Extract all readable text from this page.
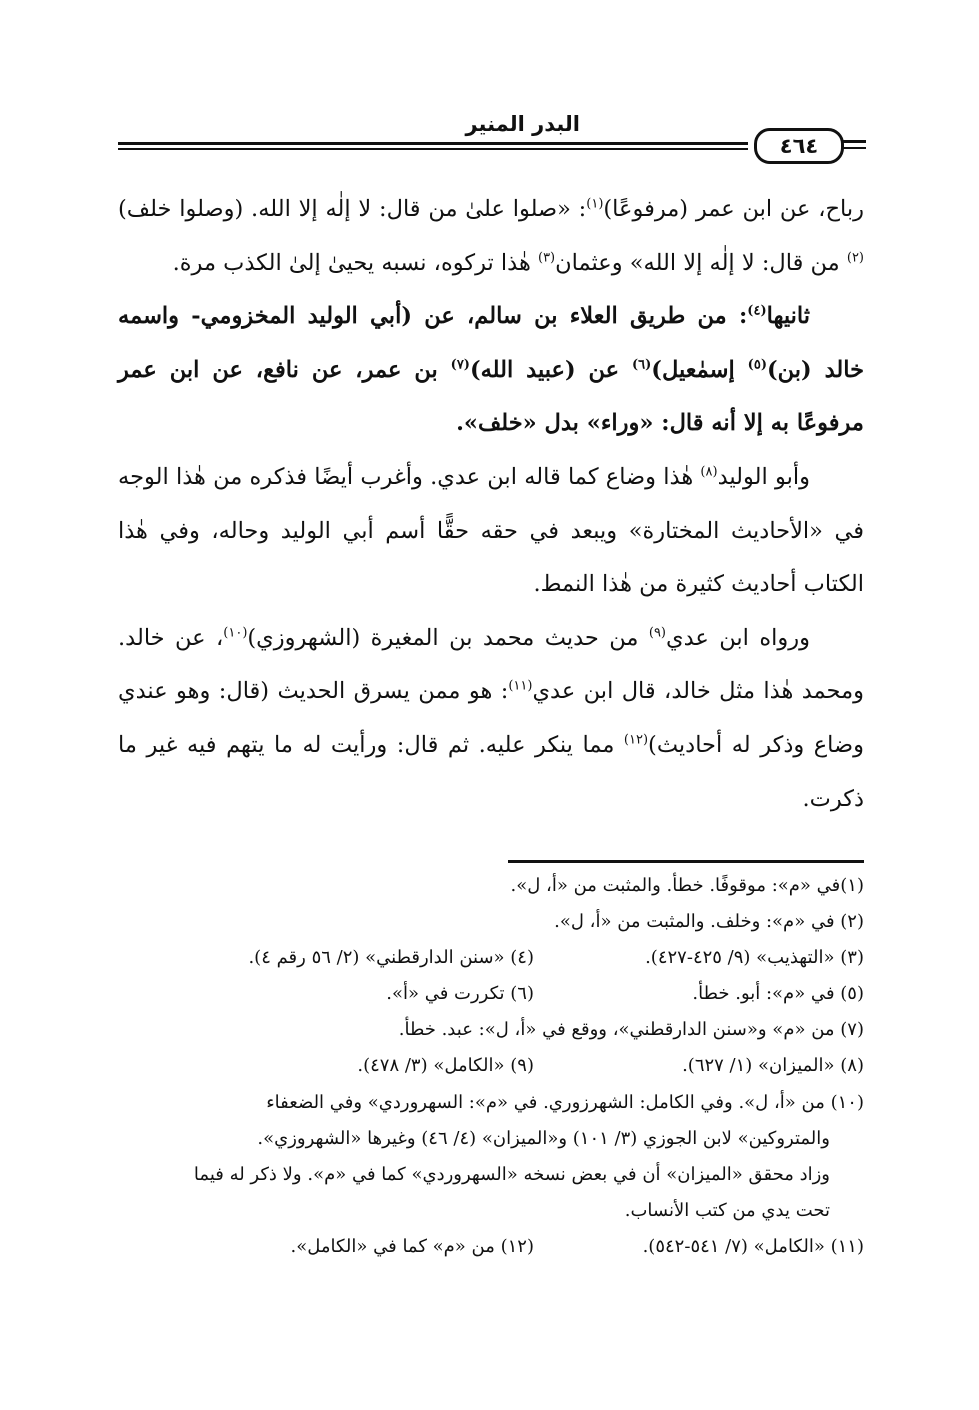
البدر المنير
٤٦٤

رباح، عن ابن عمر (مرفوعًا)$^{(١)}$: «صلوا علىٰ من قال: لا إلٰه إلا الله. (وصلوا خلف)$^{(٢)}$ من قال: لا إلٰه إلا الله» وعثمان$^{(٣)}$ هٰذا تركوه، نسبه يحيىٰ إلىٰ الكذب مرة.

ثانيها$^{(٤)}$: من طريق العلاء بن سالم، عن (أبي الوليد المخزومي- واسمه خالد (بن)$^{(٥)}$ إسمٰعيل)$^{(٦)}$ عن (عبيد الله)$^{(٧)}$ بن عمر، عن نافع، عن ابن عمر مرفوعًا به إلا أنه قال: «وراء» بدل «خلف».

وأبو الوليد$^{(٨)}$ هٰذا وضاع كما قاله ابن عدي. وأغرب أيضًا فذكره من هٰذا الوجه في «الأحاديث المختارة» ويبعد في حقه حقًّا أسم أبي الوليد وحاله، وفي هٰذا الكتاب أحاديث كثيرة من هٰذا النمط.

ورواه ابن عدي$^{(٩)}$ من حديث محمد بن المغيرة (الشهروزي)$^{(١٠)}$، عن خالد. ومحمد هٰذا مثل خالد، قال ابن عدي$^{(١١)}$: هو ممن يسرق الحديث (قال: وهو عندي وضاع وذكر له أحاديث)$^{(١٢)}$ مما ينكر عليه. ثم قال: ورأيت له ما يتهم فيه غير ما ذكرت.

(١)في «م»: موقوفًا. خطأ. والمثبت من «أ، ل».
(٢) في «م»: وخلف. والمثبت من «أ، ل».
(٣) «التهذيب» (٩/ ٤٢٥-٤٢٧).
(٤) «سنن الدارقطني» (٢/ ٥٦ رقم ٤).
(٥) في «م»: أبو. خطأ.
(٦) تكررت في «أ».
(٧) من «م» و«سنن الدارقطني»، ووقع في «أ، ل»: عبد. خطأ.
(٨) «الميزان» (١/ ٦٢٧).
(٩) «الكامل» (٣/ ٤٧٨).
(١٠) من «أ، ل». وفي الكامل: الشهرزوري. في «م»: السهروردي» وفي الضعفاء
والمتروكين» لابن الجوزي (٣/ ١٠١) و«الميزان» (٤/ ٤٦) وغيرها «الشهروزي».
وزاد محقق «الميزان» أن في بعض نسخه «السهروردي» كما في «م». ولا ذكر له فيما
تحت يدي من كتب الأنساب.
(١١) «الكامل» (٧/ ٥٤١-٥٤٢).
(١٢) من «م» كما في «الكامل».
